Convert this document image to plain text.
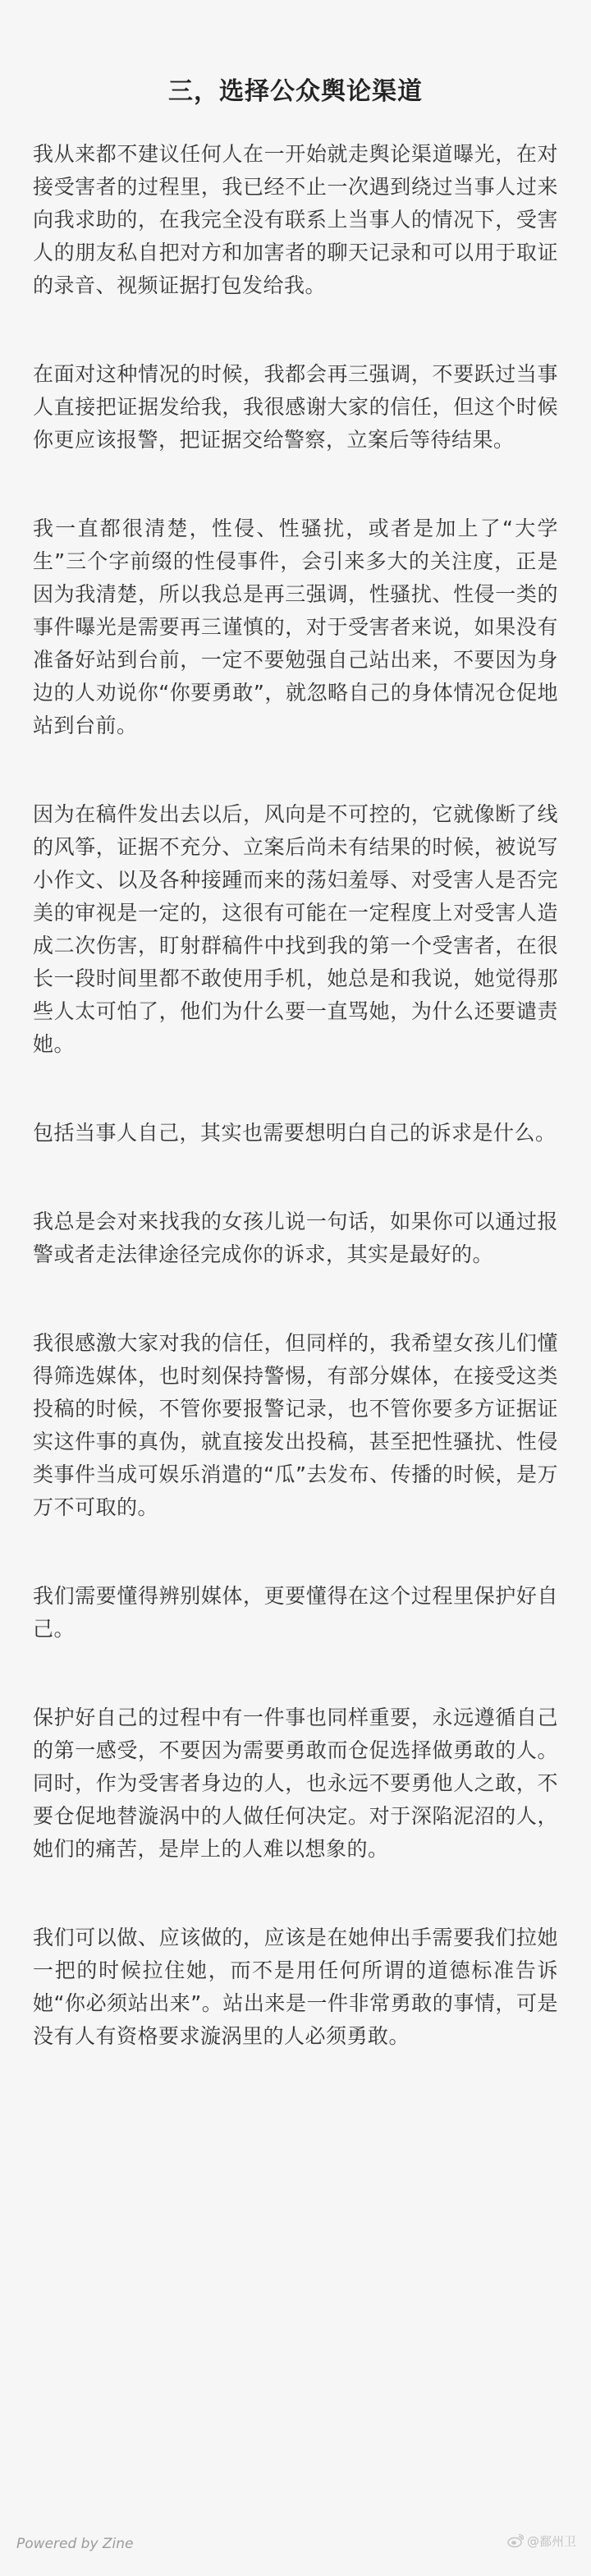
三，选择公众舆论渠道

我从来都不建议任何人在一开始就走舆论渠道曝光，在对接受害者的过程里，我已经不止一次遇到绕过当事人过来向我求助的，在我完全没有联系上当事人的情况下，受害人的朋友私自把对方和加害者的聊天记录和可以用于取证的录音、视频证据打包发给我。

在面对这种情况的时候，我都会再三强调，不要跃过当事人直接把证据发给我，我很感谢大家的信任，但这个时候你更应该报警，把证据交给警察，立案后等待结果。

我一直都很清楚，性侵、性骚扰，或者是加上了“大学生”三个字前缀的性侵事件，会引来多大的关注度，正是因为我清楚，所以我总是再三强调，性骚扰、性侵一类的事件曝光是需要再三谨慎的，对于受害者来说，如果没有准备好站到台前，一定不要勉强自己站出来，不要因为身边的人劝说你“你要勇敢”，就忽略自己的身体情况仓促地站到台前。

因为在稿件发出去以后，风向是不可控的，它就像断了线的风筝，证据不充分、立案后尚未有结果的时候，被说写小作文、以及各种接踵而来的荡妇羞辱、对受害人是否完美的审视是一定的，这很有可能在一定程度上对受害人造成二次伤害，盯射群稿件中找到我的第一个受害者，在很长一段时间里都不敢使用手机，她总是和我说，她觉得那些人太可怕了，他们为什么要一直骂她，为什么还要谴责她。

包括当事人自己，其实也需要想明白自己的诉求是什么。

我总是会对来找我的女孩儿说一句话，如果你可以通过报警或者走法律途径完成你的诉求，其实是最好的。

我很感激大家对我的信任，但同样的，我希望女孩儿们懂得筛选媒体，也时刻保持警惕，有部分媒体，在接受这类投稿的时候，不管你要报警记录，也不管你要多方证据证实这件事的真伪，就直接发出投稿，甚至把性骚扰、性侵类事件当成可娱乐消遣的“瓜”去发布、传播的时候，是万万不可取的。

我们需要懂得辨别媒体，更要懂得在这个过程里保护好自己。

保护好自己的过程中有一件事也同样重要，永远遵循自己的第一感受，不要因为需要勇敢而仓促选择做勇敢的人。同时，作为受害者身边的人，也永远不要勇他人之敢，不要仓促地替漩涡中的人做任何决定。对于深陷泥沼的人，她们的痛苦，是岸上的人难以想象的。

我们可以做、应该做的，应该是在她伸出手需要我们拉她一把的时候拉住她，而不是用任何所谓的道德标准告诉她“你必须站出来”。站出来是一件非常勇敢的事情，可是没有人有资格要求漩涡里的人必须勇敢。

Powered by Zine	@鄱州卫
